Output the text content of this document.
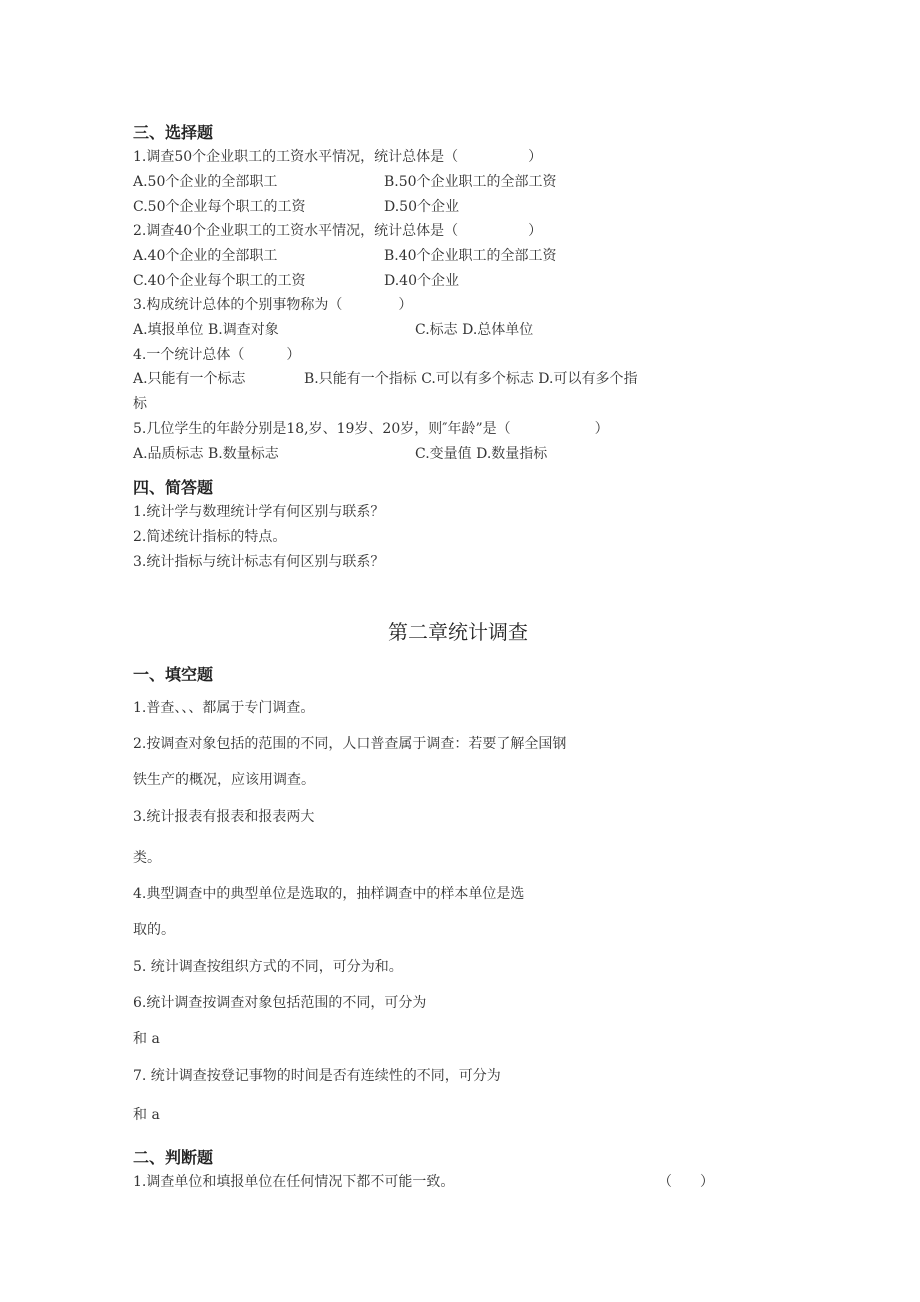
三、选择题
1.调查50个企业职工的工资水平情况，统计总体是（　　　　　）
A.50个企业的全部职工	B.50个企业职工的全部工资
C.50个企业每个职工的工资	D.50个企业
2.调查40个企业职工的工资水平情况，统计总体是（　　　　　）
A.40个企业的全部职工	B.40个企业职工的全部工资
C.40个企业每个职工的工资	D.40个企业
3.构成统计总体的个别事物称为（　　　　）
A.填报单位 B.调查对象	C.标志 D.总体单位
4.一个统计总体（　　　）
A.只能有一个标志	B.只能有一个指标 C.可以有多个标志 D.可以有多个指
标
5.几位学生的年龄分别是18,岁、19岁、20岁，则″年龄”是（　　　　　　）
A.品质标志 B.数量标志	C.变量值 D.数量指标
四、简答题
1.统计学与数理统计学有何区别与联系？
2.简述统计指标的特点。
3.统计指标与统计标志有何区别与联系？
第二章统计调查
一、填空题
1.普查、、、都属于专门调查。
2.按调查对象包括的范围的不同，人口普查属于调查：若要了解全国钢
铁生产的概况，应该用调查。
3.统计报表有报表和报表两大
类。
4.典型调查中的典型单位是选取的，抽样调查中的样本单位是选
取的。
5. 统计调查按组织方式的不同，可分为和。
6.统计调查按调查对象包括范围的不同，可分为
和 a
7. 统计调查按登记事物的时间是否有连续性的不同，可分为
和 a
二、判断题
1.调查单位和填报单位在任何情况下都不可能一致。	（　　）
